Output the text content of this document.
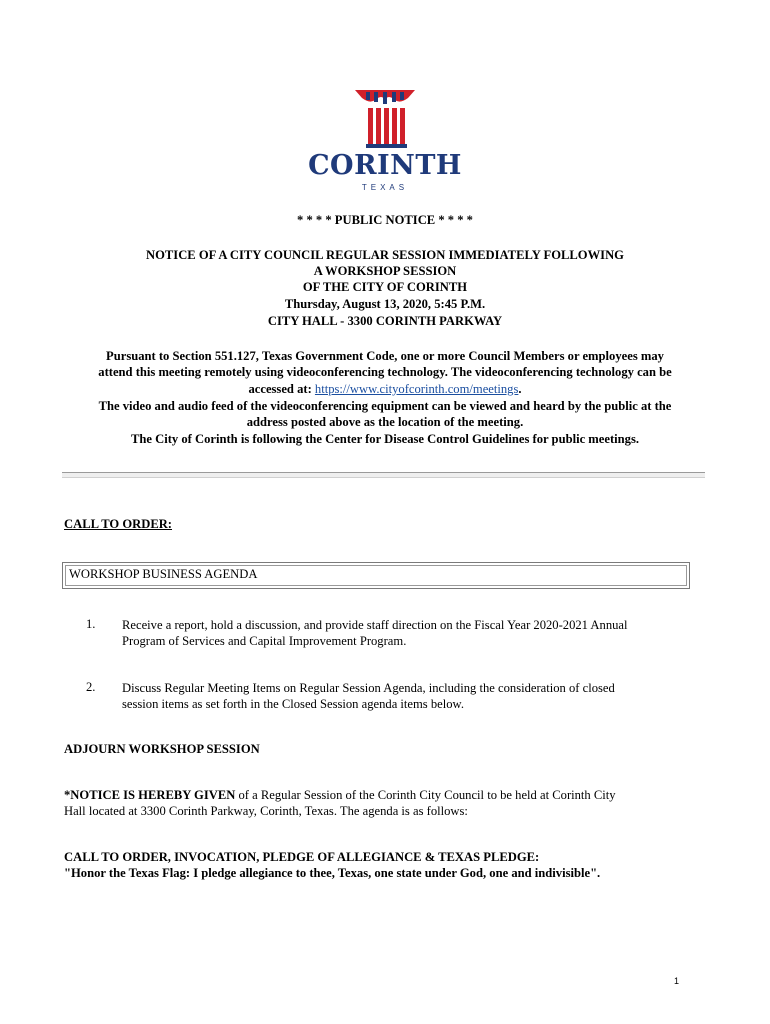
CORINTH
TEXAS
* * * * PUBLIC NOTICE * * * *
NOTICE OF A CITY COUNCIL REGULAR SESSION IMMEDIATELY FOLLOWING
A WORKSHOP SESSION
OF THE CITY OF CORINTH
Thursday, August 13, 2020, 5:45 P.M.
CITY HALL - 3300 CORINTH PARKWAY
Pursuant to Section 551.127, Texas Government Code, one or more Council Members or employees may
attend this meeting remotely using videoconferencing technology. The videoconferencing technology can be
accessed at: https://www.cityofcorinth.com/meetings.
The video and audio feed of the videoconferencing equipment can be viewed and heard by the public at the
address posted above as the location of the meeting.
The City of Corinth is following the Center for Disease Control Guidelines for public meetings.
CALL TO ORDER:
WORKSHOP BUSINESS AGENDA
1. Receive a report, hold a discussion, and provide staff direction on the Fiscal Year 2020-2021 Annual
Program of Services and Capital Improvement Program.
2. Discuss Regular Meeting Items on Regular Session Agenda, including the consideration of closed
session items as set forth in the Closed Session agenda items below.
ADJOURN WORKSHOP SESSION
*NOTICE IS HEREBY GIVEN of a Regular Session of the Corinth City Council to be held at Corinth City
Hall located at 3300 Corinth Parkway, Corinth, Texas. The agenda is as follows:
CALL TO ORDER, INVOCATION, PLEDGE OF ALLEGIANCE & TEXAS PLEDGE:
"Honor the Texas Flag: I pledge allegiance to thee, Texas, one state under God, one and indivisible".
1
